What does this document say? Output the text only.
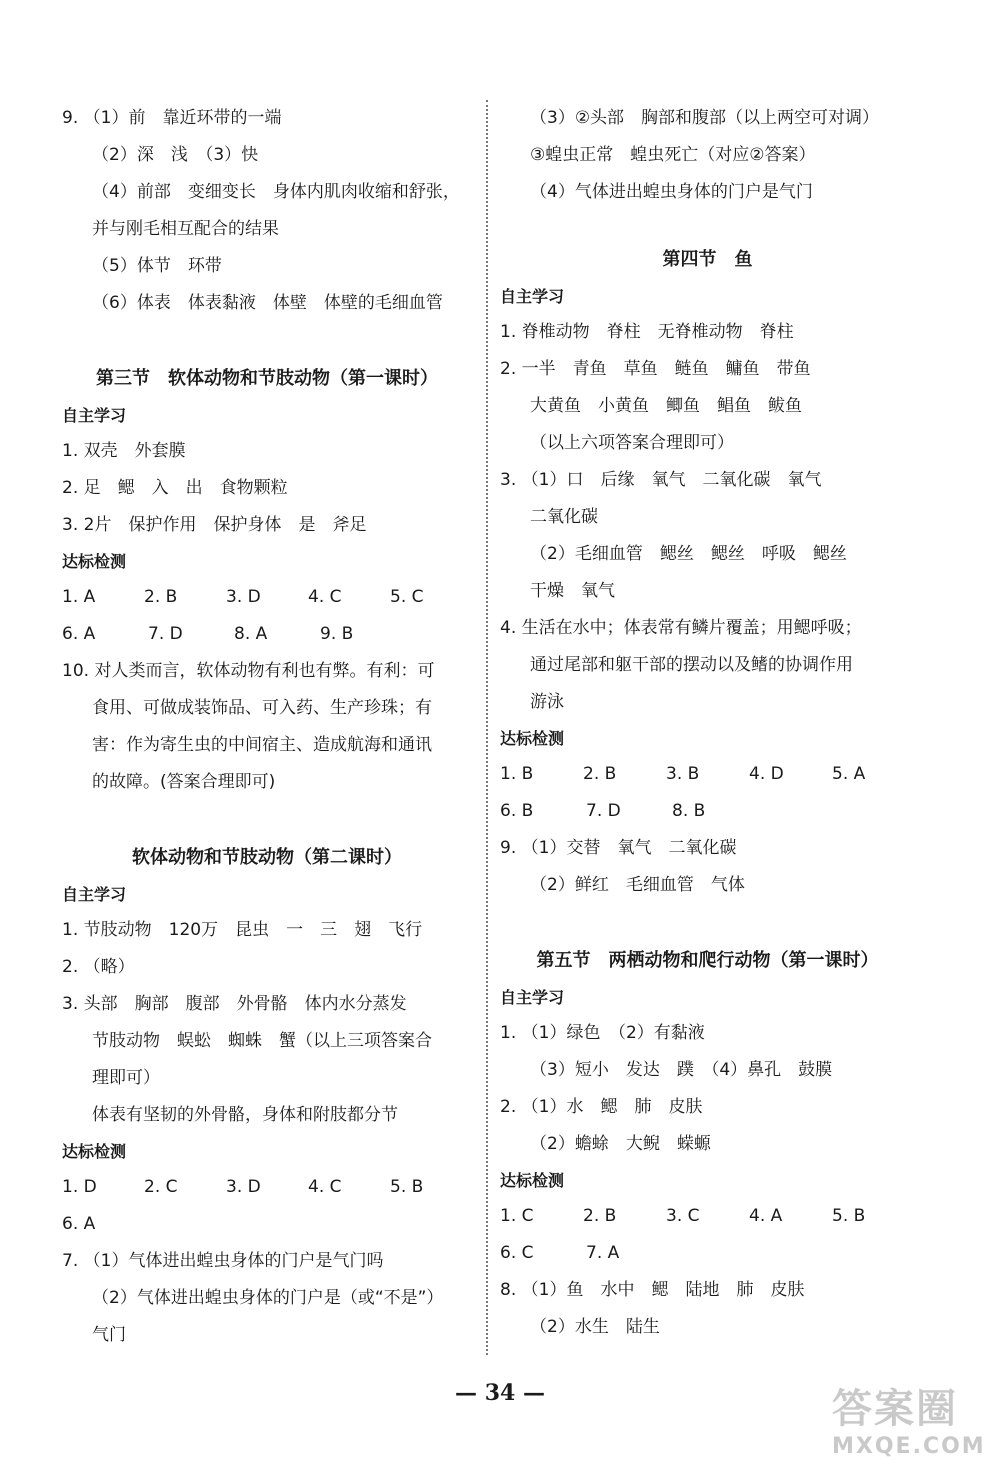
9. （1）前　靠近环带的一端
（2）深　浅　（3）快
（4）前部　变细变长　身体内肌肉收缩和舒张，
并与刚毛相互配合的结果
（5）体节　环带
（6）体表　体表黏液　体壁　体壁的毛细血管
第三节　软体动物和节肢动物（第一课时）
自主学习
1. 双壳　外套膜
2. 足　鳃　入　出　食物颗粒
3. 2片　保护作用　保护身体　是　斧足
达标检测
1. A	2. B	3. D	4. C	5. C
6. A	7. D	8. A	9. B
10. 对人类而言，软体动物有利也有弊。有利：可
食用、可做成装饰品、可入药、生产珍珠；有
害：作为寄生虫的中间宿主、造成航海和通讯
的故障。(答案合理即可)
软体动物和节肢动物（第二课时）
自主学习
1. 节肢动物　120万　昆虫　一　三　翅　飞行
2. （略）
3. 头部　胸部　腹部　外骨骼　体内水分蒸发
节肢动物　蜈蚣　蜘蛛　蟹（以上三项答案合
理即可）
体表有坚韧的外骨骼，身体和附肢都分节
达标检测
1. D	2. C	3. D	4. C	5. B
6. A
7. （1）气体进出蝗虫身体的门户是气门吗
（2）气体进出蝗虫身体的门户是（或“不是”）
气门
（3）②头部　胸部和腹部（以上两空可对调）
③蝗虫正常　蝗虫死亡（对应②答案）
（4）气体进出蝗虫身体的门户是气门
第四节　鱼
自主学习
1. 脊椎动物　脊柱　无脊椎动物　脊柱
2. 一半　青鱼　草鱼　鲢鱼　鳙鱼　带鱼
大黄鱼　小黄鱼　鲫鱼　鲳鱼　鲅鱼
（以上六项答案合理即可）
3. （1）口　后缘　氧气　二氧化碳　氧气
二氧化碳
（2）毛细血管　鳃丝　鳃丝　呼吸　鳃丝
干燥　氧气
4. 生活在水中；体表常有鳞片覆盖；用鳃呼吸；
通过尾部和躯干部的摆动以及鳍的协调作用
游泳
达标检测
1. B	2. B	3. B	4. D	5. A
6. B	7. D	8. B
9. （1）交替　氧气　二氧化碳
（2）鲜红　毛细血管　气体
第五节　两栖动物和爬行动物（第一课时）
自主学习
1. （1）绿色　（2）有黏液
（3）短小　发达　蹼　（4）鼻孔　鼓膜
2. （1）水　鳃　肺　皮肤
（2）蟾蜍　大鲵　蝾螈
达标检测
1. C	2. B	3. C	4. A	5. B
6. C	7. A
8. （1）鱼　水中　鳃　陆地　肺　皮肤
（2）水生　陆生
— 34 —	答案圈
MXQE.COM
